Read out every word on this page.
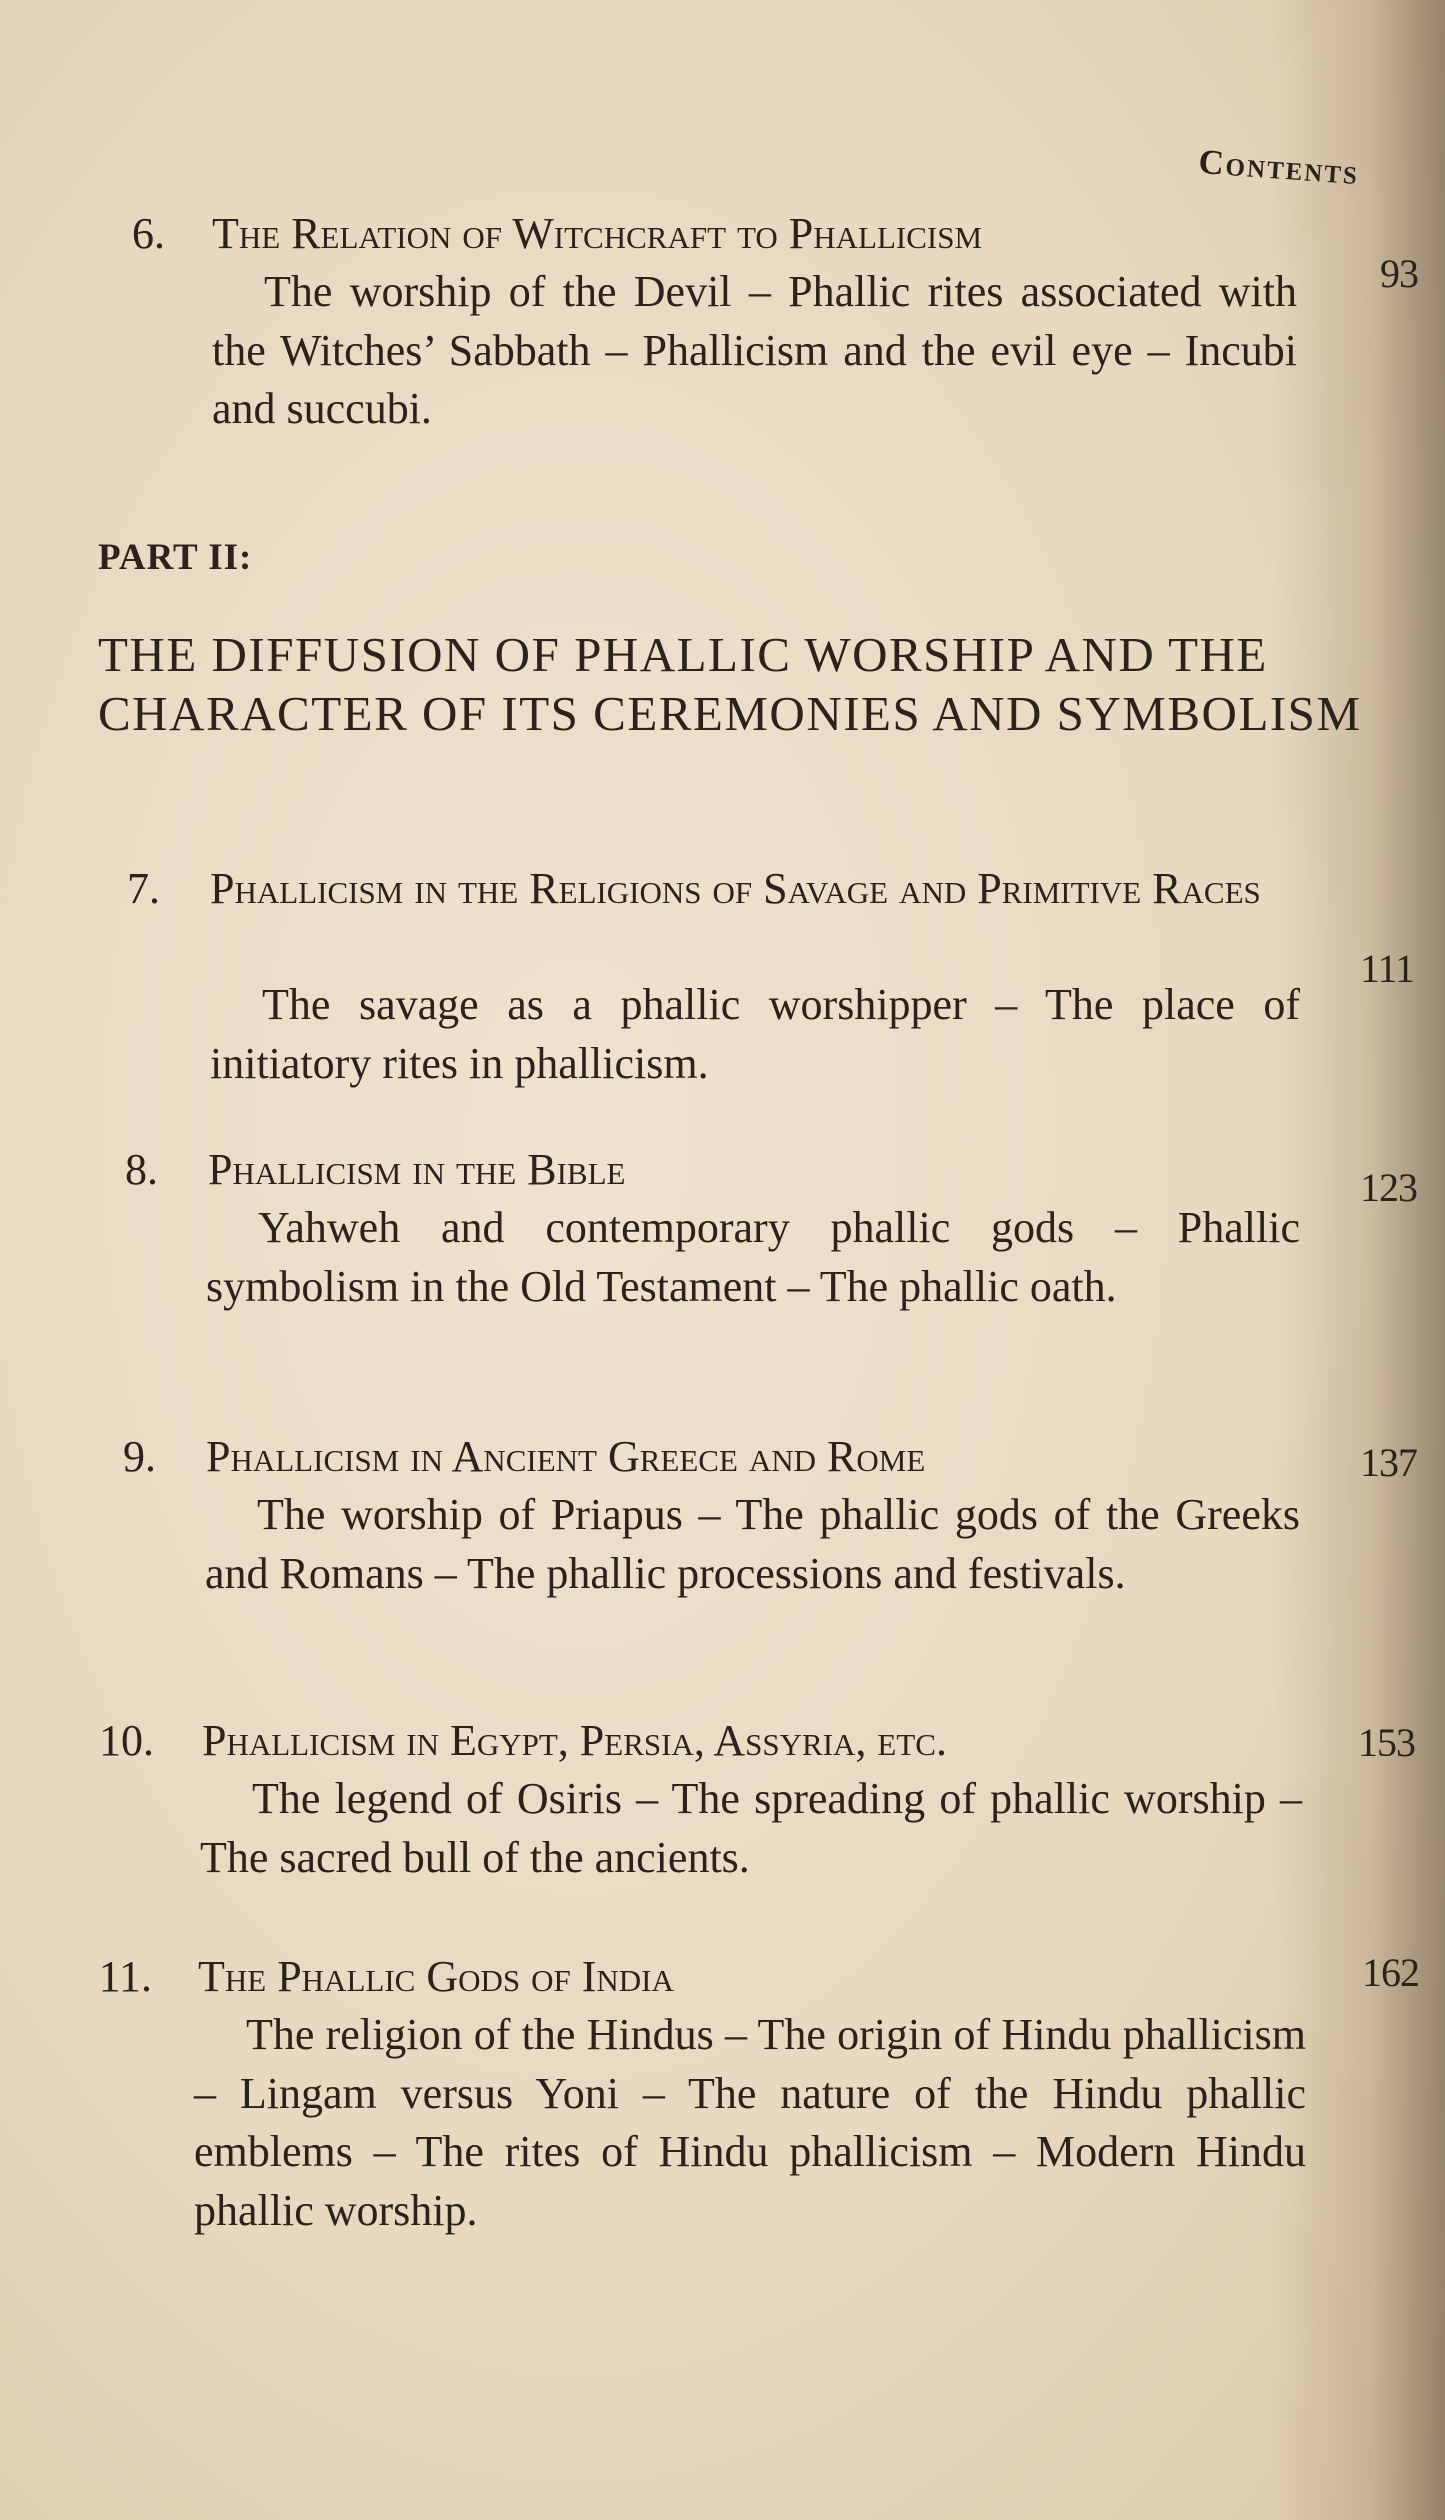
Contents
6. The Relation of Witchcraft to Phallicism
93
The worship of the Devil – Phallic rites associated with the Witches’ Sabbath – Phallicism and the evil eye – Incubi and succubi.
PART II:
THE DIFFUSION OF PHALLIC WORSHIP AND THE CHARACTER OF ITS CEREMONIES AND SYMBOLISM
7. Phallicism in the Religions of Savage and Primitive Races
111
The savage as a phallic worshipper – The place of initiatory rites in phallicism.
8. Phallicism in the Bible	123
Yahweh and contemporary phallic gods – Phallic symbolism in the Old Testament – The phallic oath.
9. Phallicism in Ancient Greece and Rome	137
The worship of Priapus – The phallic gods of the Greeks and Romans – The phallic processions and festivals.
10. Phallicism in Egypt, Persia, Assyria, etc.	153
The legend of Osiris – The spreading of phallic worship – The sacred bull of the ancients.
11. The Phallic Gods of India	162
The religion of the Hindus – The origin of Hindu phallicism – Lingam versus Yoni – The nature of the Hindu phallic emblems – The rites of Hindu phallicism – Modern Hindu phallic worship.
